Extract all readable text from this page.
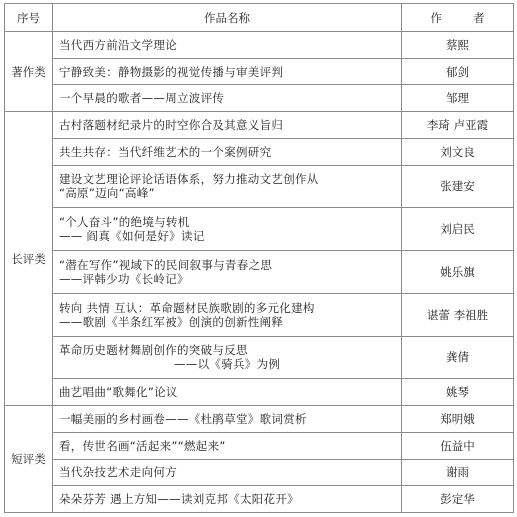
序号	作品名称	作 者
著作类	当代西方前沿文学理论	蔡熙

	宁静致美：静物摄影的视觉传播与审美评判	郁剑

	一个早晨的歌者——周立波评传	邹理
长评类	古村落题材纪录片的时空你合及其意义旨归	李琦 卢亚霞

	共生共存：当代纤维艺术的一个案例研究	刘文良

	建设文艺理论评论话语体系，努力推动文艺创作从
“高原”迈向“高峰”	张建安

	“个人奋斗”的绝境与转机
—— 阎真《如何是好》读记	刘启民

	“潜在写作”视域下的民间叙事与青春之思
——评韩少功《长岭记》	姚乐旗

	转向 共情 互认：革命题材民族歌剧的多元化建构
——歌剧《半条红军被》创演的创新性阐释	谌蕾 李祖胜

	革命历史题材舞剧创作的突破与反思
——以《骑兵》为例	龚倩

	曲艺唱曲“歌舞化”论议	姚琴
短评类	一幅美丽的乡村画卷——《杜鹃草堂》歌词赏析	郑明娥

	看，传世名画“活起来”“燃起来”	伍益中

	当代杂技艺术走向何方	谢雨

	朵朵芬芳 遇上方知——读刘克邦《太阳花开》	彭定华
